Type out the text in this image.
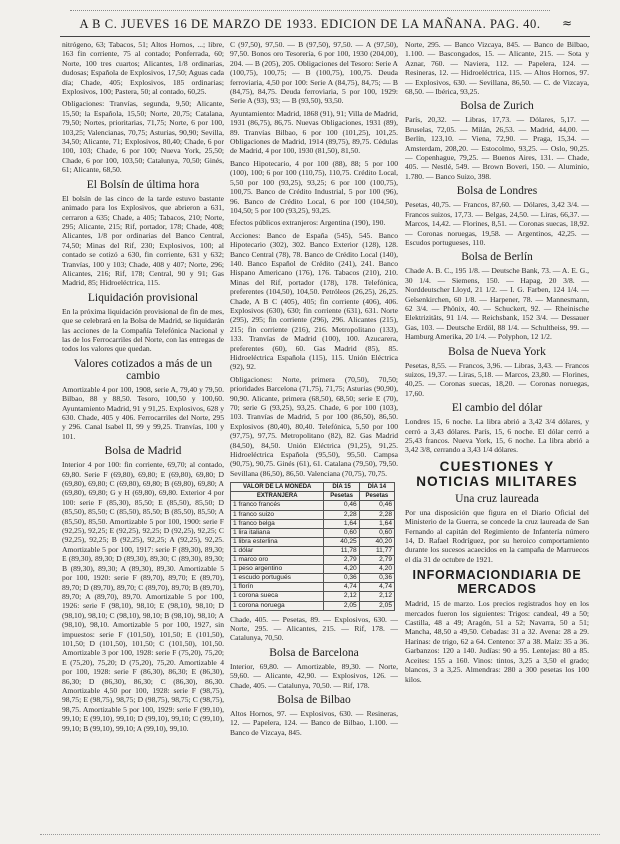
A B C. JUEVES 16 DE MARZO DE 1933. EDICION DE LA MAÑANA. PAG. 40.	≈

nitrógeno, 63; Tabacos, 51; Altos Hornos, ...; libre, 163 fin corriente, 75 al contado; Ponferrada, 60; Norte, 100 tres cuartos; Alicantes, 1/8 ordinarias, dudosas; Española de Explosivos, 17,50; Aguas cada día; Chade, 405; Explosivos, 185 ordinarias; Explosivos, 100; Pastera, 50; al contado, 60,25.

Obligaciones: Tranvías, segunda, 9,50; Alicante, 15,50; la Española, 15,50; Norte, 20,75; Catalana, 79,50; Nortes, prioritarias, 71,75; Norte, 6 por 100, 103,25; Valencianas, 70,75; Asturias, 90,90; Sevilla, 34,50; Alicante, 71; Explosivos, 80,40; Chade, 6 por 100, 103; Chade, 6 por 100; Nueva York, 25,50; Chade, 6 por 100, 103,50; Catalunya, 70,50; Ginés, 61; Alicante, 68,50.

El Bolsín de última hora

El bolsín de las cinco de la tarde estuvo bastante animado para los Explosivos, que abrieron a 631, cerraron a 635; Chade, a 405; Tabacos, 210; Norte, 295; Alicante, 215; Rif, portador, 178; Chade, 408; Alicantes, 1/8 por ordinarias del Banco Central, 74,50; Minas del Rif, 230; Explosivos, 100; al contado se cotizó a 630, fin corriente, 631 y 632; Tranvías, 100 y 103; Chade, 408 y 407; Norte, 296; Alicantes, 216; Rif, 178; Central, 90 y 91; Gas Madrid, 85; Hidroeléctrica, 115.

Liquidación provisional

En la próxima liquidación provisional de fin de mes, que se celebrará en la Bolsa de Madrid, se liquidarán las acciones de la Compañía Telefónica Nacional y las de los Ferrocarriles del Norte, con las entregas de todos los valores que quedan.

Valores cotizados a más de un cambio

Amortizable 4 por 100, 1908, serie A, 79,40 y 79,50. Bilbao, 88 y 88,50. Tesoro, 100,50 y 100,60. Ayuntamiento Madrid, 91 y 91,25. Explosivos, 628 y 630. Chade, 405 y 406. Ferrocarriles del Norte, 295 y 296. Canal Isabel II, 99 y 99,25. Tranvías, 100 y 101.

Bolsa de Madrid

Interior 4 por 100: fin corriente, 69,70; al contado, 69,80. Serie F (69,80), 69,80; E (69,80), 69,80; D (69,80), 69,80; C (69,80), 69,80; B (69,80), 69,80; A (69,80), 69,80; G y H (69,80), 69,80. Exterior 4 por 100: serie F (85,30), 85,50; E (85,50), 85,50; D (85,50), 85,50; C (85,50), 85,50; B (85,50), 85,50; A (85,50), 85,50. Amortizable 5 por 100, 1900: serie F (92,25), 92,25; E (92,25), 92,25; D (92,25), 92,25; C (92,25), 92,25; B (92,25), 92,25; A (92,25), 92,25. Amortizable 5 por 100, 1917: serie F (89,30), 89,30; E (89,30), 89,30; D (89,30), 89,30; C (89,30), 89,30; B (89,30), 89,30; A (89,30), 89,30. Amortizable 5 por 100, 1920: serie F (89,70), 89,70; E (89,70), 89,70; D (89,70), 89,70; C (89,70), 89,70; B (89,70), 89,70; A (89,70), 89,70. Amortizable 5 por 100, 1926: serie F (98,10), 98,10; E (98,10), 98,10; D (98,10), 98,10; C (98,10), 98,10; B (98,10), 98,10; A (98,10), 98,10. Amortizable 5 por 100, 1927, sin impuestos: serie F (101,50), 101,50; E (101,50), 101,50; D (101,50), 101,50; C (101,50), 101,50. Amortizable 3 por 100, 1928: serie F (75,20), 75,20; E (75,20), 75,20; D (75,20), 75,20. Amortizable 4 por 100, 1928: serie F (86,30), 86,30; E (86,30), 86,30; D (86,30), 86,30; C (86,30), 86,30. Amortizable 4,50 por 100, 1928: serie F (98,75), 98,75; E (98,75), 98,75; D (98,75), 98,75; C (98,75), 98,75. Amortizable 5 por 100, 1929: serie F (99,10), 99,10; E (99,10), 99,10; D (99,10), 99,10; C (99,10), 99,10; B (99,10), 99,10; A (99,10), 99,10.

C (97,50), 97,50. — B (97,50), 97,50. — A (97,50), 97,50. Bonos oro Tesorería, 6 por 100, 1930 (204,00), 204. — B (205), 205. Obligaciones del Tesoro: Serie A (100,75), 100,75; — B (100,75), 100,75. Deuda ferroviaria, 4,50 por 100: Serie A (84,75), 84,75; — B (84,75), 84,75. Deuda ferroviaria, 5 por 100, 1929: Serie A (93), 93; — B (93,50), 93,50.

Ayuntamiento: Madrid, 1868 (91), 91; Villa de Madrid, 1931 (86,75), 86,75. Nuevas Obligaciones, 1931 (89), 89. Tranvías Bilbao, 6 por 100 (101,25), 101,25. Obligaciones de Madrid, 1914 (89,75), 89,75. Cédulas de Madrid, 4 por 100, 1930 (81,50), 81,50.

Banco Hipotecario, 4 por 100 (88), 88; 5 por 100 (100), 100; 6 por 100 (110,75), 110,75. Crédito Local, 5,50 por 100 (93,25), 93,25; 6 por 100 (100,75), 100,75. Banco de Crédito Industrial, 5 por 100 (96), 96. Banco de Crédito Local, 6 por 100 (104,50), 104,50; 5 por 100 (93,25), 93,25.

Efectos públicos extranjeros: Argentina (190), 190.

Acciones: Banco de España (545), 545. Banco Hipotecario (302), 302. Banco Exterior (128), 128. Banco Central (78), 78. Banco de Crédito Local (140), 140. Banco Español de Crédito (241), 241. Banco Hispano Americano (176), 176. Tabacos (210), 210. Minas del Rif, portador (178), 178. Telefónica, preferentes (104,50), 104,50. Petróleos (26,25), 26,25. Chade, A B C (405), 405; fin corriente (406), 406. Explosivos (630), 630; fin corriente (631), 631. Norte (295), 295; fin corriente (296), 296. Alicantes (215), 215; fin corriente (216), 216. Metropolitano (133), 133. Tranvías de Madrid (100), 100. Azucarera, preferentes (60), 60. Gas Madrid (85), 85. Hidroeléctrica Española (115), 115. Unión Eléctrica (92), 92.

Obligaciones: Norte, primera (70,50), 70,50; prioridades Barcelona (71,75), 71,75; Asturias (90,90), 90,90. Alicante, primera (68,50), 68,50; serie E (70), 70; serie G (93,25), 93,25. Chade, 6 por 100 (103), 103. Tranvías de Madrid, 5 por 100 (86,50), 86,50. Explosivos (80,40), 80,40. Telefónica, 5,50 por 100 (97,75), 97,75. Metropolitano (82), 82. Gas Madrid (84,50), 84,50. Unión Eléctrica (91,25), 91,25. Hidroeléctrica Española (95,50), 95,50. Campsa (90,75), 90,75. Ginés (61), 61. Catalana (79,50), 79,50. Sevillana (86,50), 86,50. Valenciana (70,75), 70,75.

VALOR DE LA MONEDA	DÍA 15	DÍA 14
EXTRANJERA	Pesetas	Pesetas
1 franco francés	0,46	0,46
1 franco suizo	2,28	2,28
1 franco belga	1,64	1,64
1 lira italiana	0,60	0,60
1 libra esterlina	40,25	40,20
1 dólar	11,78	11,77
1 marco oro	2,79	2,79
1 peso argentino	4,20	4,20
1 escudo portugués	0,36	0,36
1 florín	4,74	4,74
1 corona sueca	2,12	2,12
1 corona noruega	2,05	2,05

Chade, 405. — Pesetas, 89. — Explosivos, 630. — Norte, 295. — Alicantes, 215. — Rif, 178. — Catalunya, 70,50.

Bolsa de Barcelona

Interior, 69,80. — Amortizable, 89,30. — Norte, 59,60. — Alicante, 42,90. — Explosivos, 126. — Chade, 405. — Catalunya, 70,50. — Rif, 178.

Bolsa de Bilbao

Altos Hornos, 97. — Explosivos, 630. — Resineras, 12. — Papelera, 124. — Banco de Bilbao, 1.100. — Banco de Vizcaya, 845.

Norte, 295. — Banco Vizcaya, 845. — Banco de Bilbao, 1.100. — Bascongados, 15. — Alicante, 215. — Sota y Aznar, 760. — Naviera, 112. — Papelera, 124. — Resineras, 12. — Hidroeléctrica, 115. — Altos Hornos, 97. — Explosivos, 630. — Sevillana, 86,50. — C. de Vizcaya, 68,50. — Ibérica, 93,25.

Bolsa de Zurich

París, 20,32. — Libras, 17,73. — Dólares, 5,17. — Bruselas, 72,05. — Milán, 26,53. — Madrid, 44,00. — Berlín, 123,10. — Viena, 72,90. — Praga, 15,34. — Amsterdam, 208,20. — Estocolmo, 93,25. — Oslo, 90,25. — Copenhague, 79,25. — Buenos Aires, 131. — Chade, 405. — Nestlé, 549. — Brown Boveri, 150. — Aluminio, 1.780. — Banco Suizo, 398.

Bolsa de Londres

Pesetas, 40,75. — Francos, 87,60. — Dólares, 3,42 3/4. — Francos suizos, 17,73. — Belgas, 24,50. — Liras, 66,37. — Marcos, 14,42. — Florines, 8,51. — Coronas suecas, 18,92. — Coronas noruegas, 19,58. — Argentinos, 42,25. — Escudos portugueses, 110.

Bolsa de Berlín

Chade A. B. C., 195 1/8. — Deutsche Bank, 73. — A. E. G., 30 1/4. — Siemens, 150. — Hapag, 20 3/8. — Norddeutscher Lloyd, 21 1/2. — I. G. Farben, 124 1/4. — Gelsenkirchen, 60 1/8. — Harpener, 78. — Mannesmann, 62 3/4. — Phönix, 40. — Schuckert, 92. — Rheinische Elektrizitäts, 91 1/4. — Reichsbank, 152 3/4. — Dessauer Gas, 103. — Deutsche Erdöl, 88 1/4. — Schultheiss, 99. — Hamburg Amerika, 20 1/4. — Polyphon, 12 1/2.

Bolsa de Nueva York

Pesetas, 8,55. — Francos, 3,96. — Libras, 3,43. — Francos suizos, 19,37. — Liras, 5,18. — Marcos, 23,80. — Florines, 40,25. — Coronas suecas, 18,20. — Coronas noruegas, 17,60.

El cambio del dólar

Londres 15, 6 noche. La libra abrió a 3,42 3/4 dólares, y cerró a 3,43 dólares. París, 15, 6 noche. El dólar cerró a 25,43 francos. Nueva York, 15, 6 noche. La libra abrió a 3,42 3/8, cerrando a 3,43 1/4 dólares.

CUESTIONES Y NOTICIAS MILITARES
Una cruz laureada

Por una disposición que figura en el Diario Oficial del Ministerio de la Guerra, se concede la cruz laureada de San Fernando al capitán del Regimiento de Infantería número 14, D. Rafael Rodríguez, por su heroico comportamiento durante los sucesos acaecidos en la campaña de Marruecos el día 31 de octubre de 1921.

INFORMACIONDIARIA DE MERCADOS

Madrid, 15 de marzo. Los precios registrados hoy en los mercados fueron los siguientes: Trigos: candeal, 49 a 50; Castilla, 48 a 49; Aragón, 51 a 52; Navarra, 50 a 51; Mancha, 48,50 a 49,50. Cebadas: 31 a 32. Avena: 28 a 29. Harinas: de trigo, 62 a 64. Centeno: 37 a 38. Maíz: 35 a 36. Garbanzos: 120 a 140. Judías: 90 a 95. Lentejas: 80 a 85. Aceites: 155 a 160. Vinos: tintos, 3,25 a 3,50 el grado; blancos, 3 a 3,25. Almendras: 280 a 300 pesetas los 100 kilos.
